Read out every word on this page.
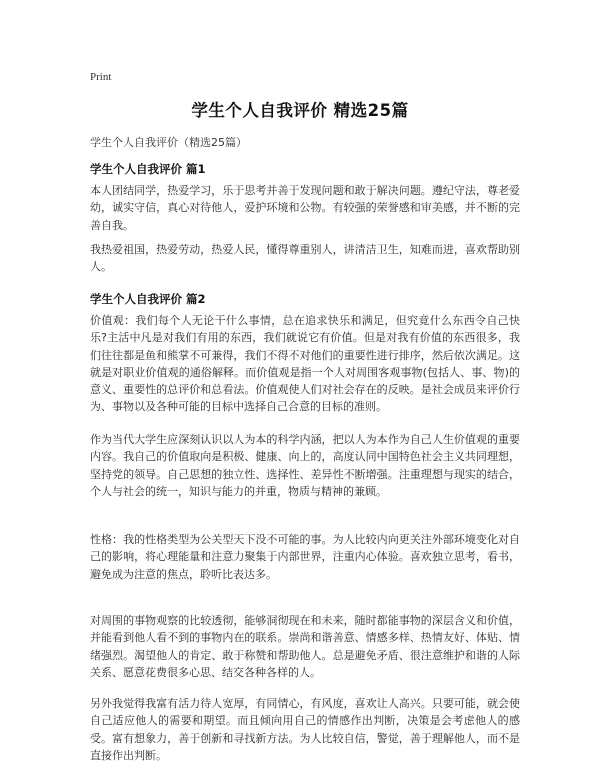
Print
学生个人自我评价 精选25篇
学生个人自我评价（精选25篇）
学生个人自我评价 篇1

本人团结同学，热爱学习，乐于思考并善于发现问题和敢于解决问题。遵纪守法，尊老爱幼，诚实守信，真心对待他人，爱护环境和公物。有较强的荣誉感和审美感，并不断的完善自我。

我热爱祖国，热爱劳动，热爱人民，懂得尊重别人，讲清洁卫生，知难而进，喜欢帮助别人。

学生个人自我评价 篇2

价值观：我们每个人无论干什么事情，总在追求快乐和满足，但究竟什么东西令自己快乐?主活中凡是对我们有用的东西，我们就说它有价值。但是对我有价值的东西很多，我们往往都是鱼和熊掌不可兼得，我们不得不对他们的重要性进行排序，然后依次满足。这就是对职业价值观的通俗解释。而价值观是指一个人对周围客观事物(包括人、事、物)的意义、重要性的总评价和总看法。价值观使人们对社会存在的反映。是社会成员来评价行为、事物以及各种可能的目标中选择自己合意的目标的准则。

作为当代大学生应深刻认识以人为本的科学内涵，把以人为本作为自己人生价值观的重要内容。我自己的价值取向是积极、健康、向上的，高度认同中国特色社会主义共同理想，坚持党的领导。自己思想的独立性、选择性、差异性不断增强。注重理想与现实的结合，个人与社会的统一，知识与能力的并重，物质与精神的兼顾。

性格：我的性格类型为公关型天下没不可能的事。为人比较内向更关注外部环境变化对自己的影响，将心理能量和注意力聚集于内部世界，注重内心体验。喜欢独立思考，看书，避免成为注意的焦点，聆听比表达多。

对周围的事物观察的比较透彻，能够洞彻现在和未来，随时都能事物的深层含义和价值，并能看到他人看不到的事物内在的联系。崇尚和谐善意、情感多样、热情友好、体贴、情绪强烈。渴望他人的肯定、敢于称赞和帮助他人。总是避免矛盾、很注意维护和谐的人际关系、愿意花费很多心思、结交各种各样的人。

另外我觉得我富有活力待人宽厚，有同情心，有风度，喜欢让人高兴。只要可能，就会使自己适应他人的需要和期望。而且倾向用自己的情感作出判断，决策是会考虑他人的感受。富有想象力，善于创新和寻找新方法。为人比较自信，警觉，善于理解他人，而不是直接作出判断。
